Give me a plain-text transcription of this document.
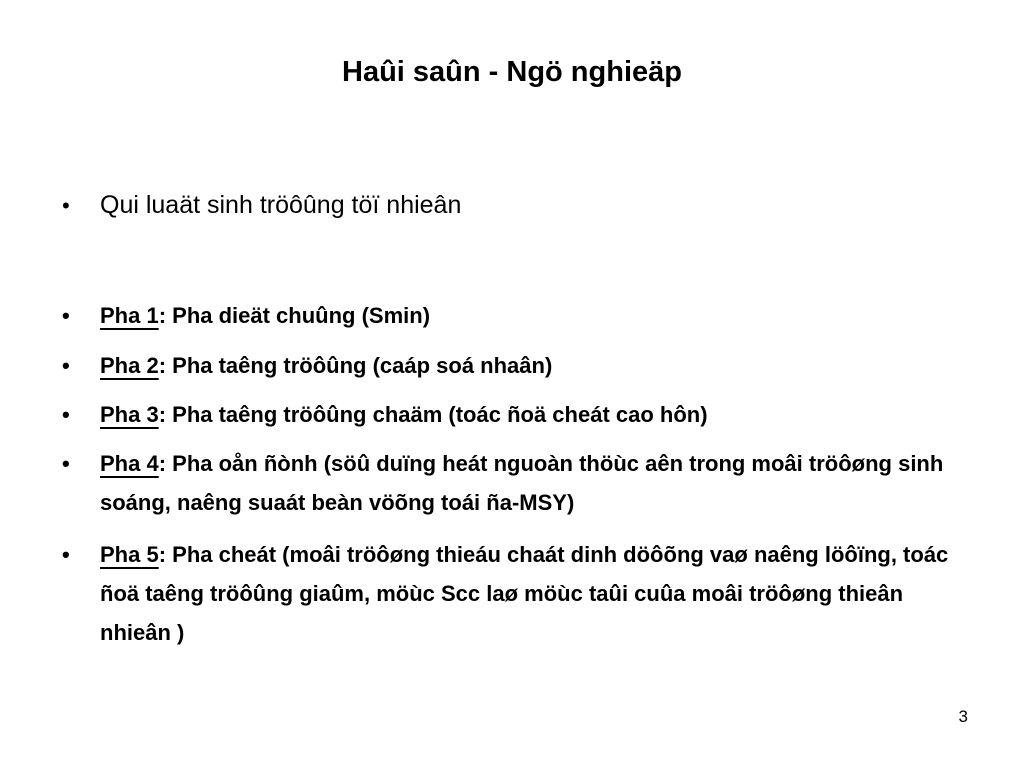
Haûi saûn - Ngö nghieäp
•	Qui luaät sinh tröôûng töï nhieân
•	Pha 1: Pha dieät chuûng (Smin)
•	Pha 2: Pha taêng tröôûng (caáp soá nhaân)
•	Pha 3: Pha taêng tröôûng chaäm (toác ñoä cheát cao hôn)
•	Pha 4: Pha oån ñònh (söû duïng heát nguoàn thöùc aên trong moâi tröôøng sinh soáng, naêng suaát beàn vöõng toái ña-MSY)
•	Pha 5: Pha cheát (moâi tröôøng thieáu chaát dinh döôõng vaø naêng löôïng, toác ñoä taêng tröôûng giaûm, möùc Scc laø möùc taûi cuûa moâi tröôøng thieân nhieân )
3
